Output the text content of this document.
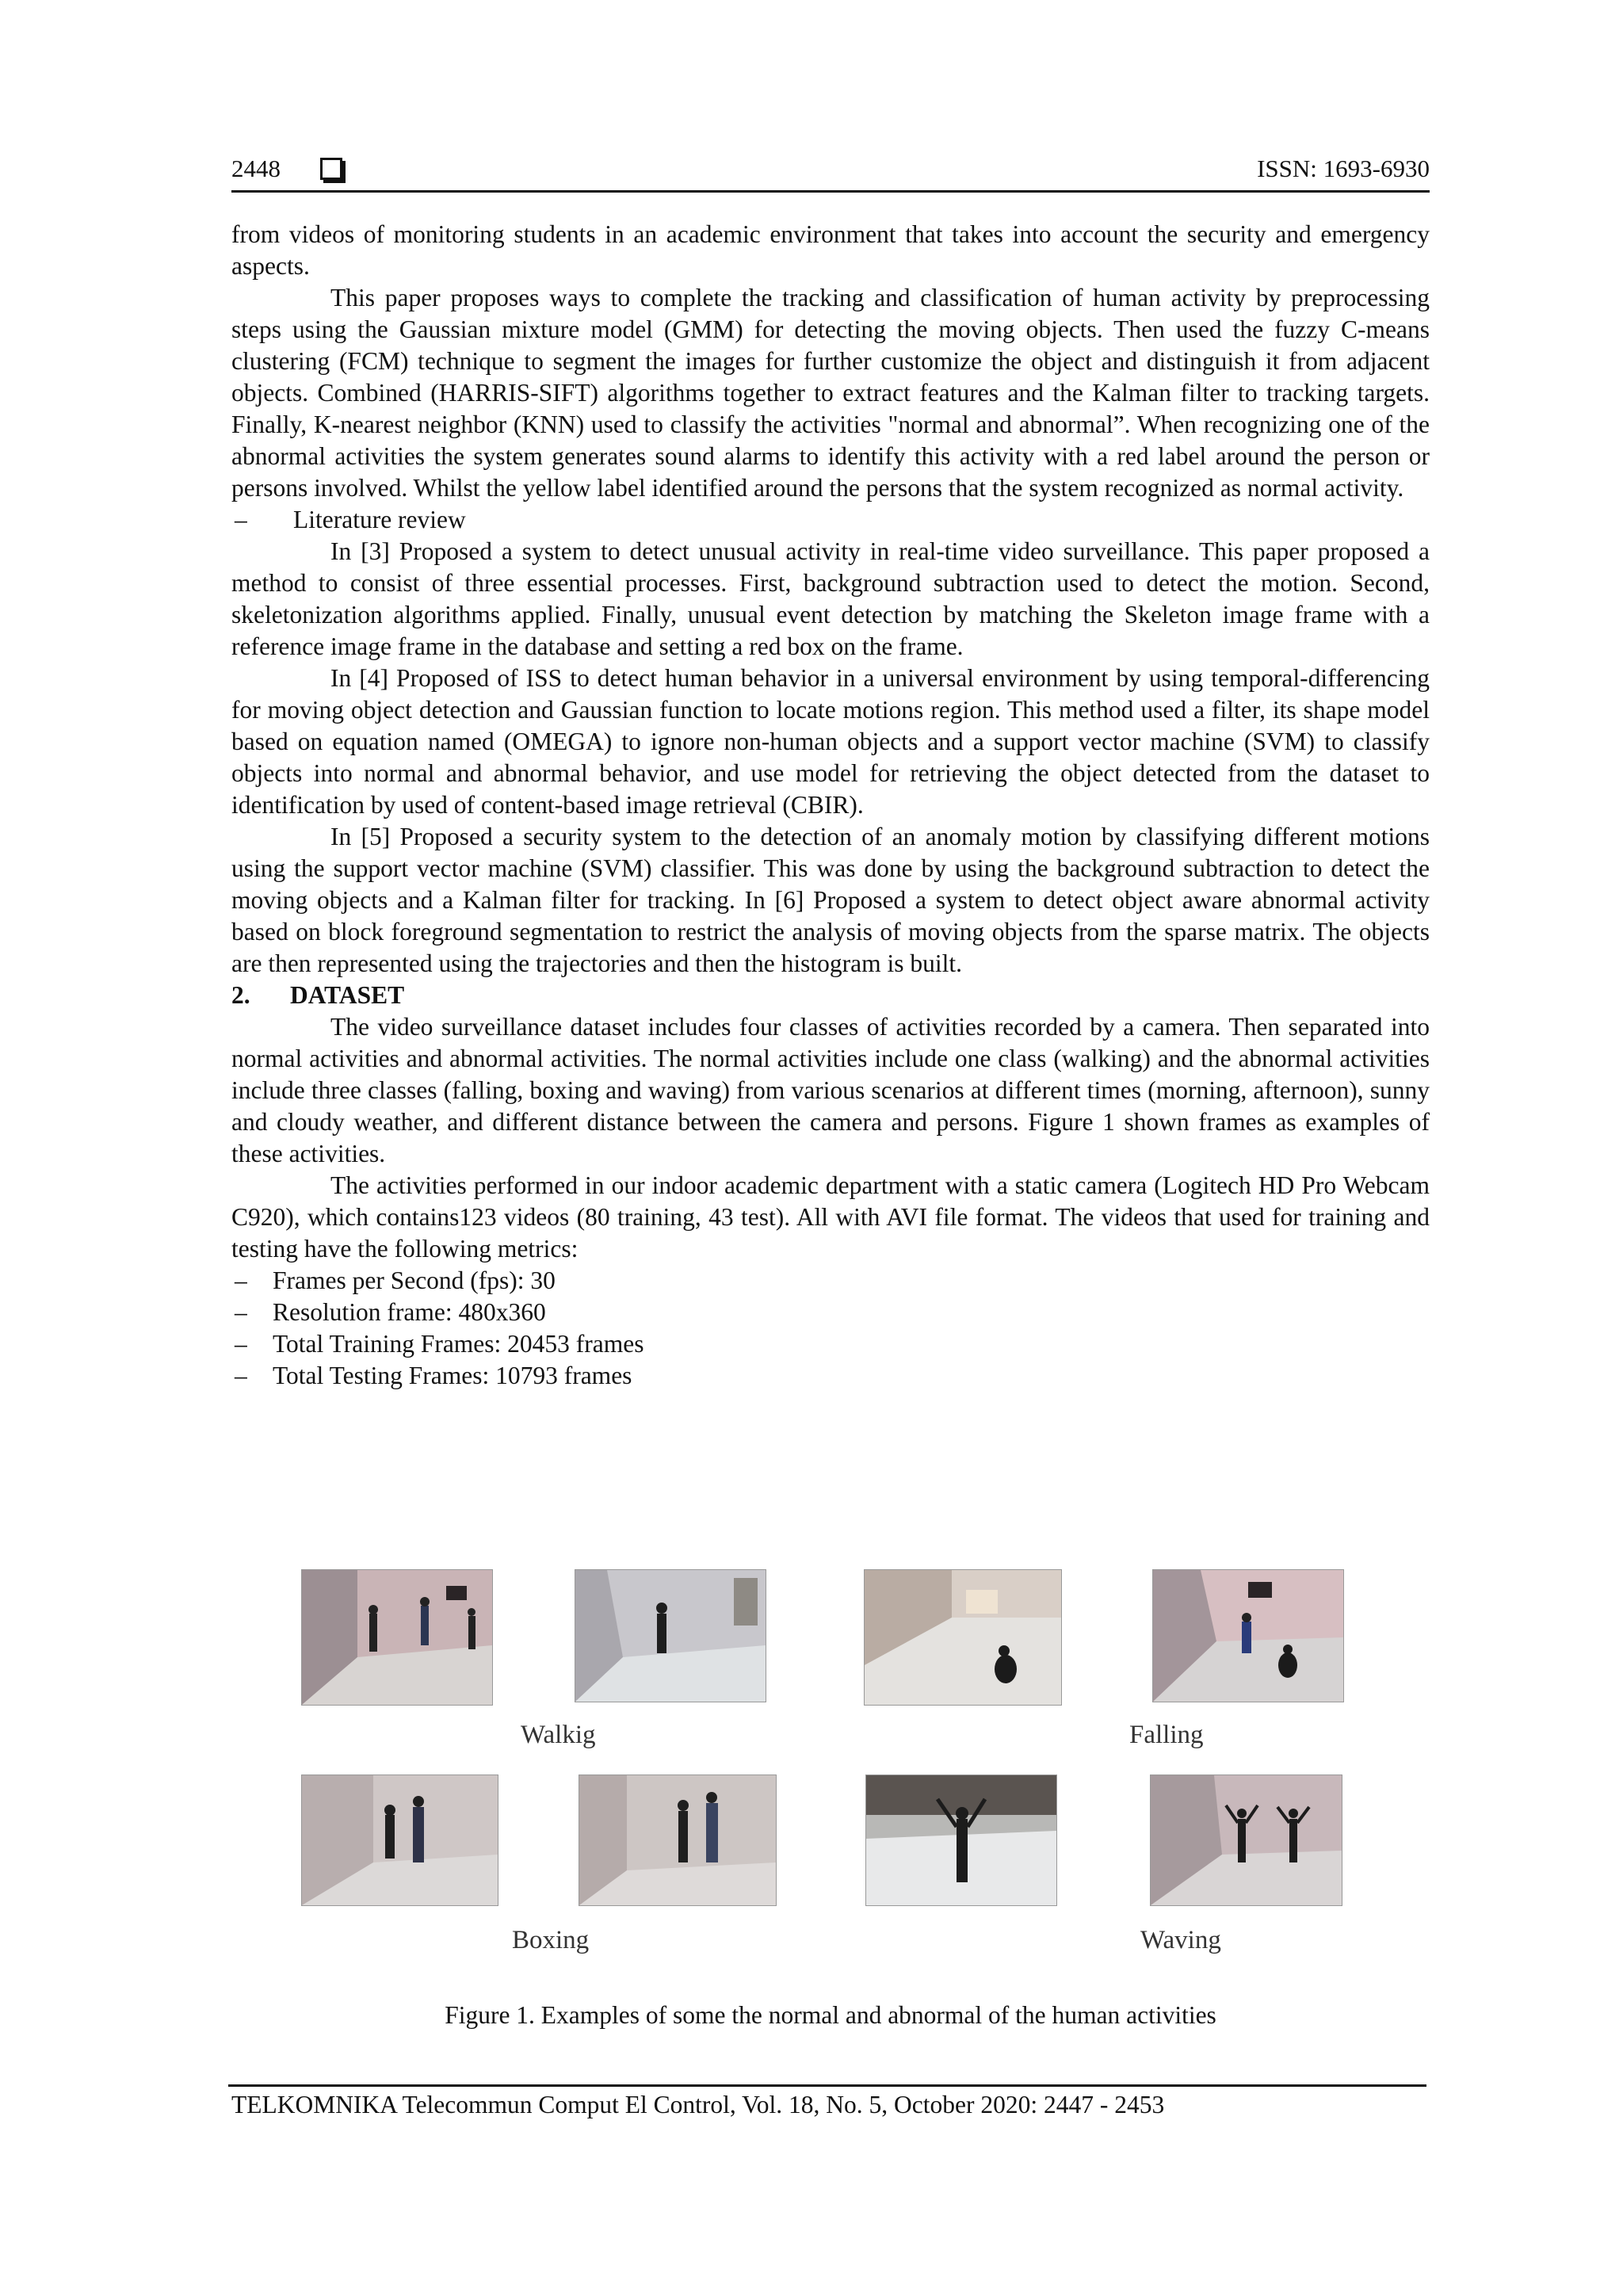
2448	ISSN: 1693-6930

from videos of monitoring students in an academic environment that takes into account the security and emergency aspects.

This paper proposes ways to complete the tracking and classification of human activity by preprocessing steps using the Gaussian mixture model (GMM) for detecting the moving objects. Then used the fuzzy C-means clustering (FCM) technique to segment the images for further customize the object and distinguish it from adjacent objects. Combined (HARRIS-SIFT) algorithms together to extract features and the Kalman filter to tracking targets. Finally, K-nearest neighbor (KNN) used to classify the activities "normal and abnormal”. When recognizing one of the abnormal activities the system generates sound alarms to identify this activity with a red label around the person or persons involved. Whilst the yellow label identified around the persons that the system recognized as normal activity.

–	Literature review

In [3] Proposed a system to detect unusual activity in real-time video surveillance. This paper proposed a method to consist of three essential processes. First, background subtraction used to detect the motion. Second, skeletonization algorithms applied. Finally, unusual event detection by matching the Skeleton image frame with a reference image frame in the database and setting a red box on the frame.

In [4] Proposed of ISS to detect human behavior in a universal environment by using temporal-differencing for moving object detection and Gaussian function to locate motions region. This method used a filter, its shape model based on equation named (OMEGA) to ignore non-human objects and a support vector machine (SVM) to classify objects into normal and abnormal behavior, and use model for retrieving the object detected from the dataset to identification by used of content-based image retrieval (CBIR).

In [5] Proposed a security system to the detection of an anomaly motion by classifying different motions using the support vector machine (SVM) classifier. This was done by using the background subtraction to detect the moving objects and a Kalman filter for tracking. In [6] Proposed a system to detect object aware abnormal activity based on block foreground segmentation to restrict the analysis of moving objects from the sparse matrix. The objects are then represented using the trajectories and then the histogram is built.

2. DATASET

The video surveillance dataset includes four classes of activities recorded by a camera. Then separated into normal activities and abnormal activities. The normal activities include one class (walking) and the abnormal activities include three classes (falling, boxing and waving) from various scenarios at different times (morning, afternoon), sunny and cloudy weather, and different distance between the camera and persons. Figure 1 shown frames as examples of these activities.

The activities performed in our indoor academic department with a static camera (Logitech HD Pro Webcam C920), which contains123 videos (80 training, 43 test). All with AVI file format. The videos that used for training and testing have the following metrics:

–	Frames per Second (fps): 30
–	Resolution frame: 480x360
–	Total Training Frames: 20453 frames
–	Total Testing Frames: 10793 frames
Walkig	Falling
Boxing	Waving
Figure 1. Examples of some the normal and abnormal of the human activities
TELKOMNIKA Telecommun Comput El Control, Vol. 18, No. 5, October 2020: 2447 - 2453
